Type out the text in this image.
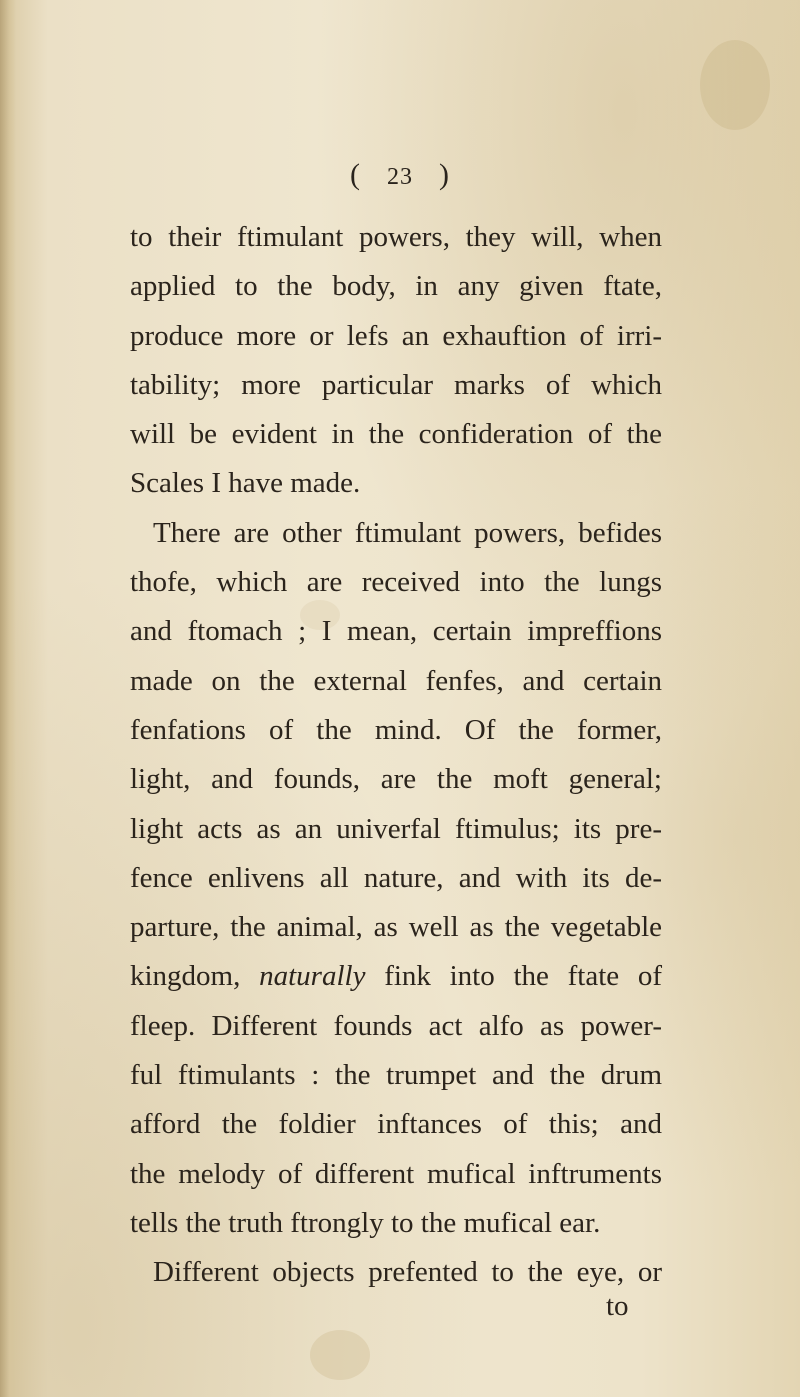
( 23 )
to their ftimulant powers, they will, when
applied to the body, in any given ftate,
produce more or lefs an exhauftion of irri-
tability; more particular marks of which
will be evident in the confideration of the
Scales I have made.
There are other ftimulant powers, befides
thofe, which are received into the lungs
and ftomach ; I mean, certain impreffions
made on the external fenfes, and certain
fenfations of the mind. Of the former,
light, and founds, are the moft general;
light acts as an univerfal ftimulus; its pre-
fence enlivens all nature, and with its de-
parture, the animal, as well as the vegetable
kingdom, naturally fink into the ftate of
fleep. Different founds act alfo as power-
ful ftimulants : the trumpet and the drum
afford the foldier inftances of this; and
the melody of different mufical inftruments
tells the truth ftrongly to the mufical ear.
Different objects prefented to the eye, or
to
